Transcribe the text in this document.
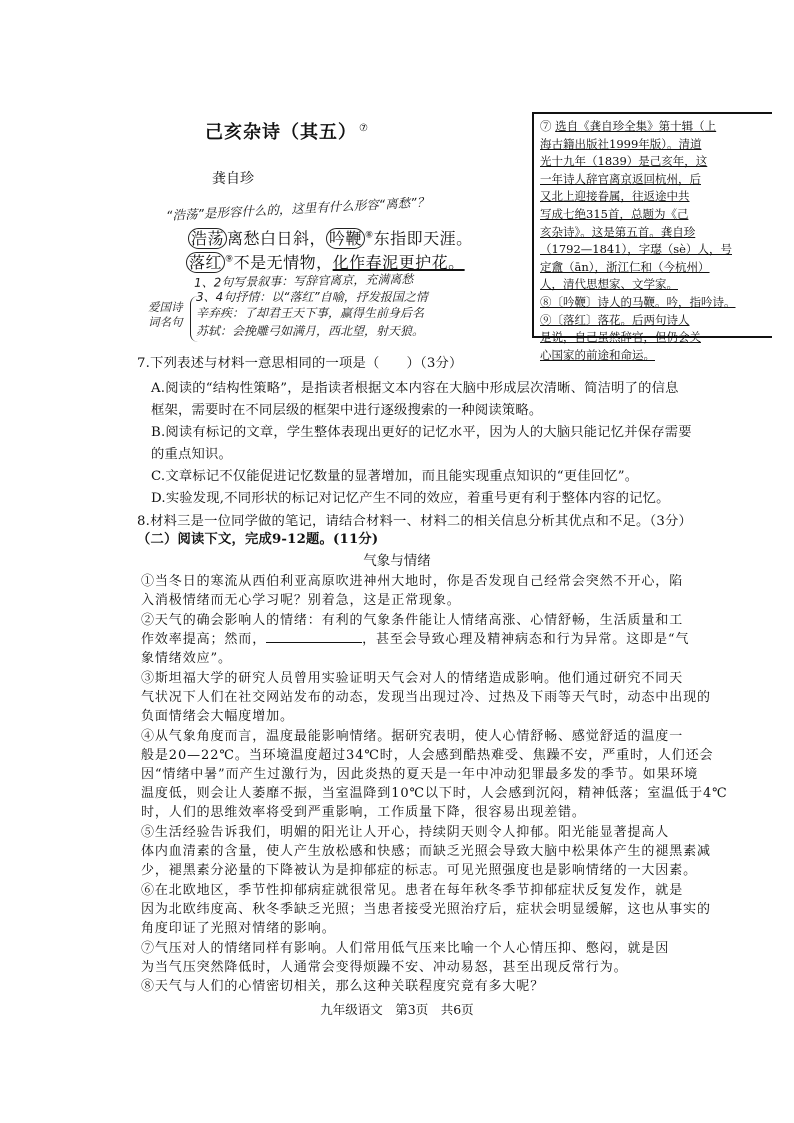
己亥杂诗（其五） ⑦
龚自珍
“浩荡”是形容什么的，这里有什么形容“离愁”？
浩荡 离愁白日斜， 吟鞭 ⑧东指即天涯。
落红 ⑨不是无情物，化作春泥更护花。
1、2句写景叙事：写辞官离京，充满离愁
3、4句抒情：以“落红”自喻，抒发报国之情
爱国诗词名句
辛弃疾：了却君王天下事，赢得生前身后名
苏轼：会挽雕弓如满月，西北望，射天狼。

⑦ 选自《龚自珍全集》第十辑（上

海古籍出版社1999年版）。清道

光十九年（1839）是己亥年，这

一年诗人辞官离京返回杭州，后

又北上迎接眷属，往返途中共

写成七绝315首，总题为《己

亥杂诗》。这是第五首。龚自珍

（1792—1841），字璱（sè）人，号

定盦（ān），浙江仁和（今杭州）

人，清代思想家、文学家。

⑧〔吟鞭〕诗人的马鞭。吟，指吟诗。

⑨〔落红〕落花。后两句诗人

是说，自己虽然辞官，但仍会关

心国家的前途和命运。

7.下列表述与材料一意思相同的一项是（　　）（3分）
A.阅读的“结构性策略”，是指读者根据文本内容在大脑中形成层次清晰、简洁明了的信息
框架，需要时在不同层级的框架中进行逐级搜索的一种阅读策略。
B.阅读有标记的文章，学生整体表现出更好的记忆水平，因为人的大脑只能记忆并保存需要
的重点知识。
C.文章标记不仅能促进记忆数量的显著增加，而且能实现重点知识的“更佳回忆”。
D.实验发现,不同形状的标记对记忆产生不同的效应，着重号更有利于整体内容的记忆。
8.材料三是一位同学做的笔记，请结合材料一、材料二的相关信息分析其优点和不足。（3分）
（二）阅读下文，完成9-12题。(11分)
气象与情绪
①当冬日的寒流从西伯利亚高原吹进神州大地时，你是否发现自己经常会突然不开心，陷
入消极情绪而无心学习呢？别着急，这是正常现象。
②天气的确会影响人的情绪：有利的气象条件能让人情绪高涨、心情舒畅，生活质量和工
作效率提高；然而，	，甚至会导致心理及精神病态和行为异常。这即是“气
象情绪效应”。
③斯坦福大学的研究人员曾用实验证明天气会对人的情绪造成影响。他们通过研究不同天
气状况下人们在社交网站发布的动态，发现当出现过冷、过热及下雨等天气时，动态中出现的
负面情绪会大幅度增加。
④从气象角度而言，温度最能影响情绪。据研究表明，使人心情舒畅、感觉舒适的温度一
般是20—22℃。当环境温度超过34℃时，人会感到酷热难受、焦躁不安，严重时，人们还会
因“情绪中暑”而产生过激行为，因此炎热的夏天是一年中冲动犯罪最多发的季节。如果环境
温度低，则会让人萎靡不振，当室温降到10℃以下时，人会感到沉闷，精神低落；室温低于4℃
时，人们的思维效率将受到严重影响，工作质量下降，很容易出现差错。
⑤生活经验告诉我们，明媚的阳光让人开心，持续阴天则令人抑郁。阳光能显著提高人
体内血清素的含量，使人产生放松感和快感；而缺乏光照会导致大脑中松果体产生的褪黑素减
少，褪黑素分泌量的下降被认为是抑郁症的标志。可见光照强度也是影响情绪的一大因素。
⑥在北欧地区，季节性抑郁病症就很常见。患者在每年秋冬季节抑郁症状反复发作，就是
因为北欧纬度高、秋冬季缺乏光照；当患者接受光照治疗后，症状会明显缓解，这也从事实的
角度印证了光照对情绪的影响。
⑦气压对人的情绪同样有影响。人们常用低气压来比喻一个人心情压抑、憋闷，就是因
为当气压突然降低时，人通常会变得烦躁不安、冲动易怒，甚至出现反常行为。
⑧天气与人们的心情密切相关，那么这种关联程度究竟有多大呢？
九年级语文　第3页　共6页
